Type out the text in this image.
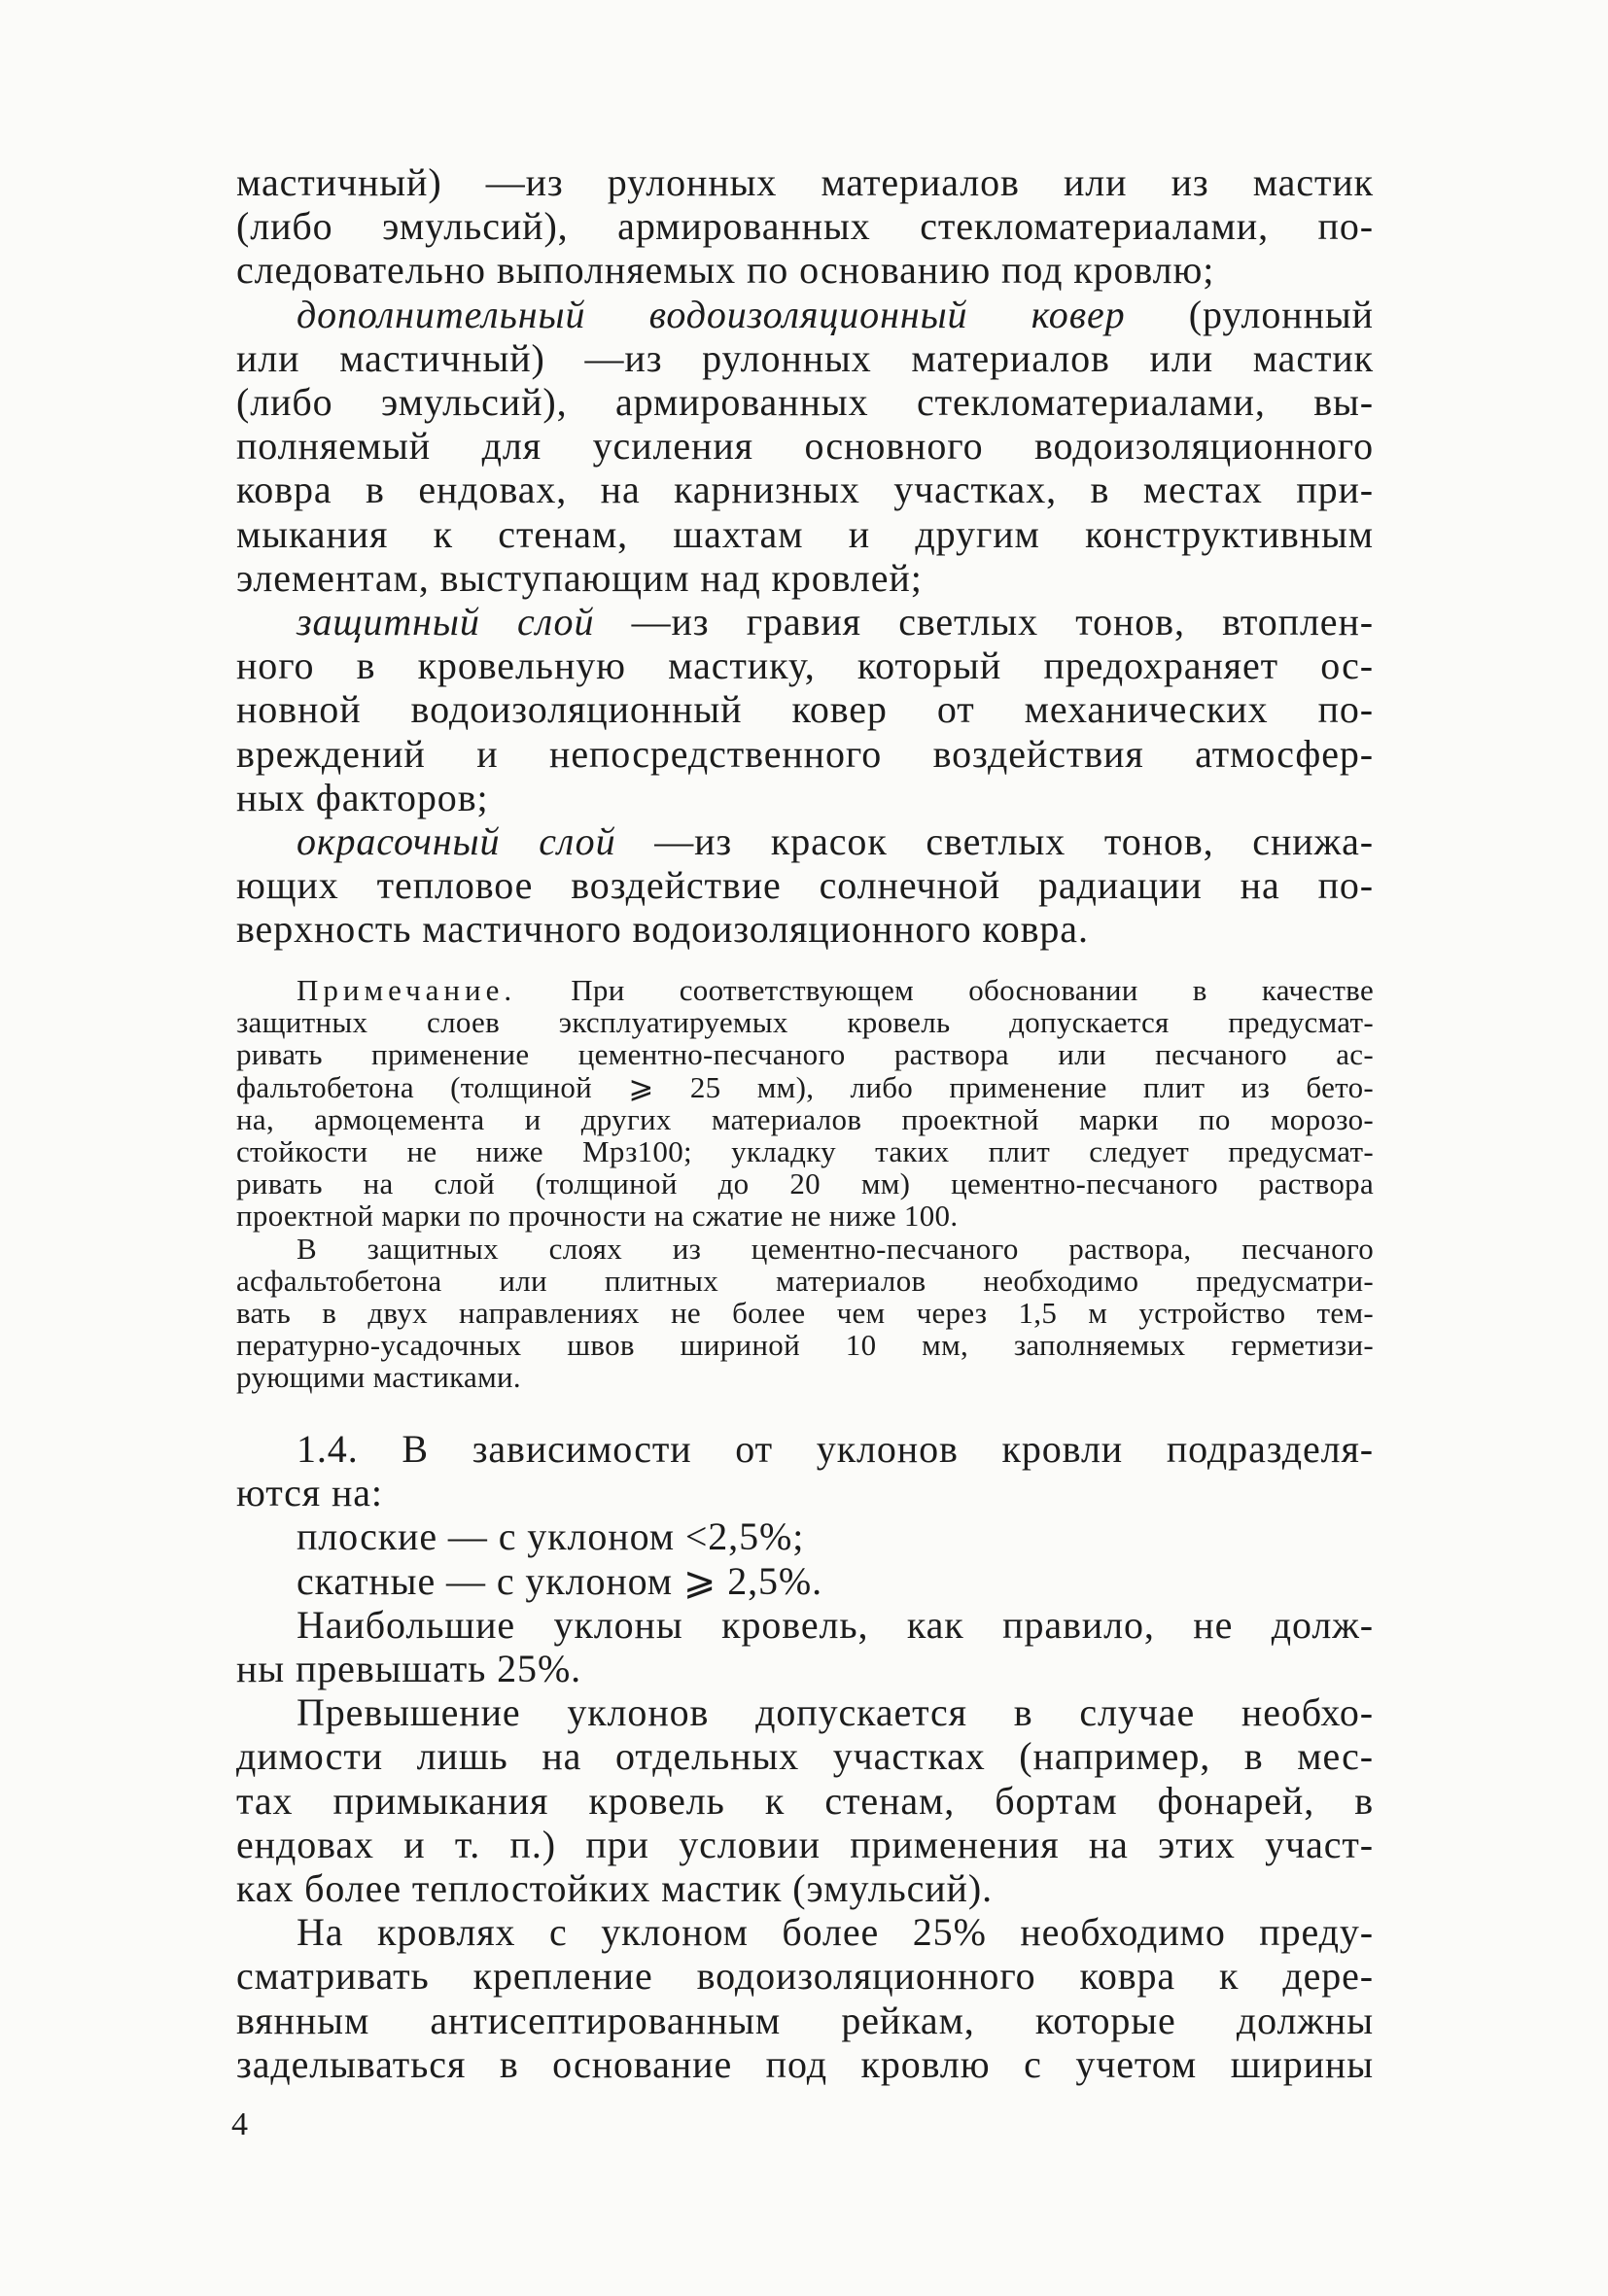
мастичный) —из рулонных материалов или из мастик
(либо эмульсий), армированных стекломатериалами, по-
следовательно выполняемых по основанию под кровлю;
дополнительный водоизоляционный ковер (рулонный
или мастичный) —из рулонных материалов или мастик
(либо эмульсий), армированных стекломатериалами, вы-
полняемый для усиления основного водоизоляционного
ковра в ендовах, на карнизных участках, в местах при-
мыкания к стенам, шахтам и другим конструктивным
элементам, выступающим над кровлей;
защитный слой —из гравия светлых тонов, втоплен-
ного в кровельную мастику, который предохраняет ос-
новной водоизоляционный ковер от механических по-
вреждений и непосредственного воздействия атмосфер-
ных факторов;
окрасочный слой —из красок светлых тонов, снижа-
ющих тепловое воздействие солнечной радиации на по-
верхность мастичного водоизоляционного ковра.
Примечание. При соответствующем обосновании в качестве
защитных слоев эксплуатируемых кровель допускается предусмат-
ривать применение цементно-песчаного раствора или песчаного ас-
фальтобетона (толщиной ⩾ 25 мм), либо применение плит из бето-
на, армоцемента и других материалов проектной марки по морозо-
стойкости не ниже Мрз100; укладку таких плит следует предусмат-
ривать на слой (толщиной до 20 мм) цементно-песчаного раствора
проектной марки по прочности на сжатие не ниже 100.
В защитных слоях из цементно-песчаного раствора, песчаного
асфальтобетона или плитных материалов необходимо предусматри-
вать в двух направлениях не более чем через 1,5 м устройство тем-
пературно-усадочных швов шириной 10 мм, заполняемых герметизи-
рующими мастиками.
1.4. В зависимости от уклонов кровли подразделя-
ются на:
плоские — с уклоном <2,5%;
скатные — с уклоном ⩾ 2,5%.
Наибольшие уклоны кровель, как правило, не долж-
ны превышать 25%.
Превышение уклонов допускается в случае необхо-
димости лишь на отдельных участках (например, в мес-
тах примыкания кровель к стенам, бортам фонарей, в
ендовах и т. п.) при условии применения на этих участ-
ках более теплостойких мастик (эмульсий).
На кровлях с уклоном более 25% необходимо преду-
сматривать крепление водоизоляционного ковра к дере-
вянным антисептированным рейкам, которые должны
заделываться в основание под кровлю с учетом ширины
4
